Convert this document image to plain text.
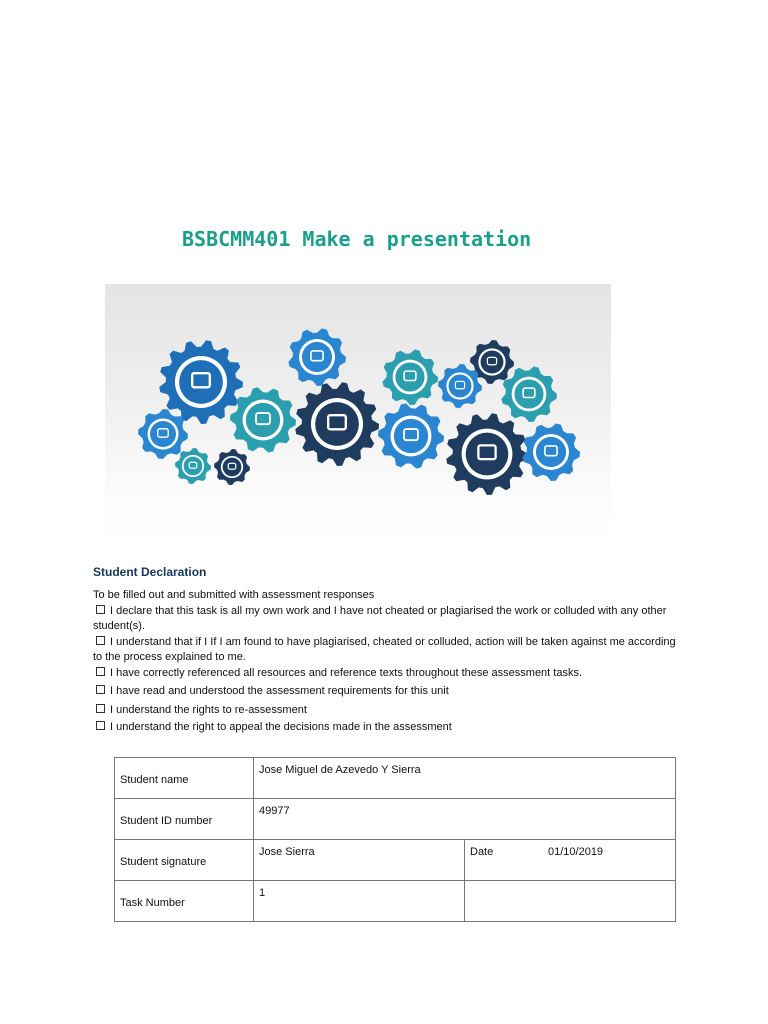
BSBCMM401 Make a presentation
Student Declaration

To be filled out and submitted with assessment responses

I declare that this task is all my own work and I have not cheated or plagiarised the work or colluded with any other student(s).

I understand that if I If I am found to have plagiarised, cheated or colluded, action will be taken against me according to the process explained to me.

I have correctly referenced all resources and reference texts throughout these assessment tasks.

I have read and understood the assessment requirements for this unit

I understand the rights to re-assessment

I understand the right to appeal the decisions made in the assessment

Student name	Jose Miguel de Azevedo Y Sierra	
Student ID number	49977	
Student signature	Jose Sierra	Date 01/10/2019
Task Number	1	
